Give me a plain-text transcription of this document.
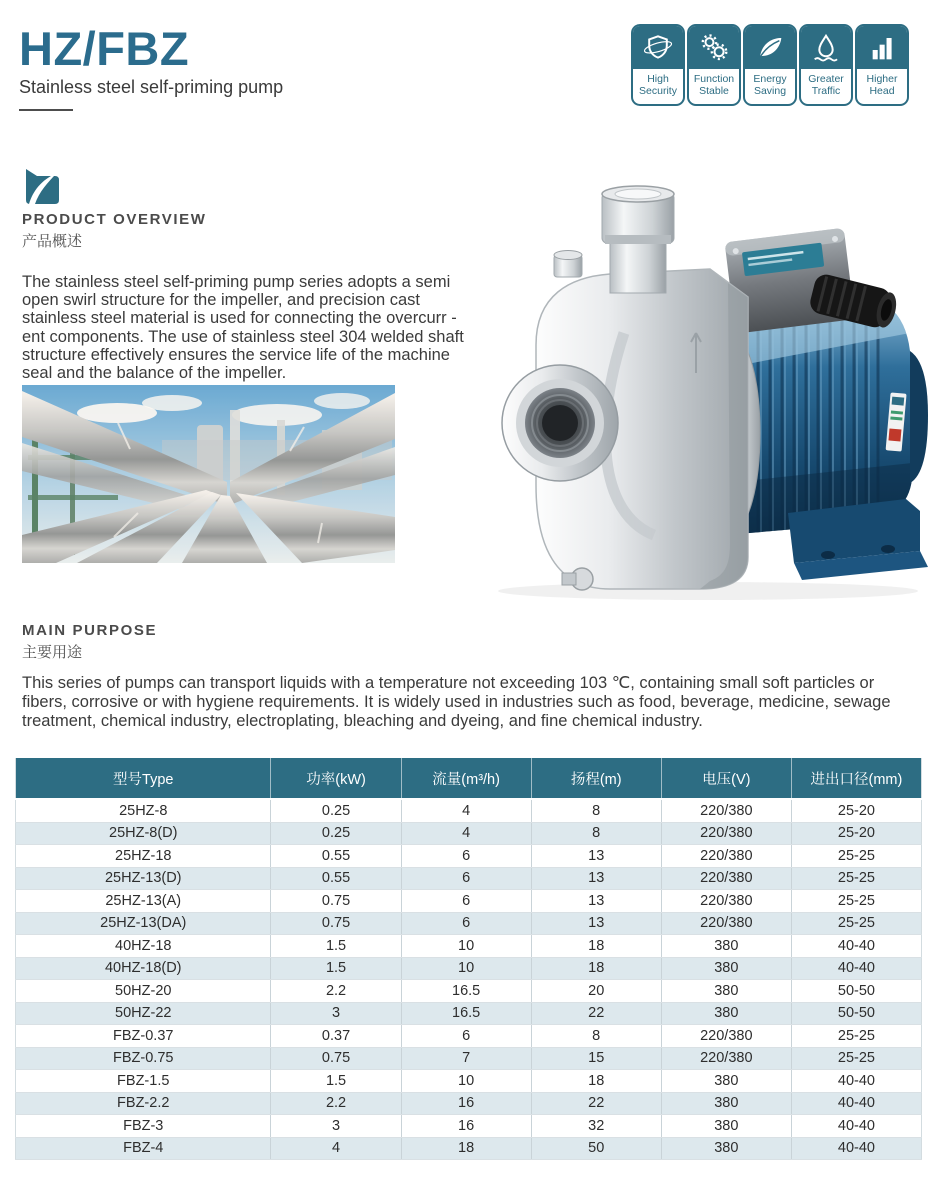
HZ/FBZ
Stainless steel self-priming pump	High Security
Function Stable
Energy Saving
Greater Traffic
Higher Head
PRODUCT OVERVIEW
产品概述
The stainless steel self-priming pump series adopts a semi open swirl structure for the impeller, and precision cast stainless steel material is used for connecting the overcurr -ent components. The use of stainless steel 304 welded shaft structure effectively ensures the service life of the machine seal and the balance of the impeller.
MAIN PURPOSE
主要用途
This series of pumps can transport liquids with a temperature not exceeding 103 ℃, containing small soft particles or fibers, corrosive or with hygiene requirements. It is widely used in industries such as food, beverage, medicine, sewage treatment, chemical industry, electroplating, bleaching and dyeing, and fine chemical industry.
型号Type	功率(kW)	流量(m³/h)	扬程(m)	电压(V)	进出口径(mm)
25HZ-8	0.25	4	8	220/380	25-20
25HZ-8(D)	0.25	4	8	220/380	25-20
25HZ-18	0.55	6	13	220/380	25-25
25HZ-13(D)	0.55	6	13	220/380	25-25
25HZ-13(A)	0.75	6	13	220/380	25-25
25HZ-13(DA)	0.75	6	13	220/380	25-25
40HZ-18	1.5	10	18	380	40-40
40HZ-18(D)	1.5	10	18	380	40-40
50HZ-20	2.2	16.5	20	380	50-50
50HZ-22	3	16.5	22	380	50-50
FBZ-0.37	0.37	6	8	220/380	25-25
FBZ-0.75	0.75	7	15	220/380	25-25
FBZ-1.5	1.5	10	18	380	40-40
FBZ-2.2	2.2	16	22	380	40-40
FBZ-3	3	16	32	380	40-40
FBZ-4	4	18	50	380	40-40
